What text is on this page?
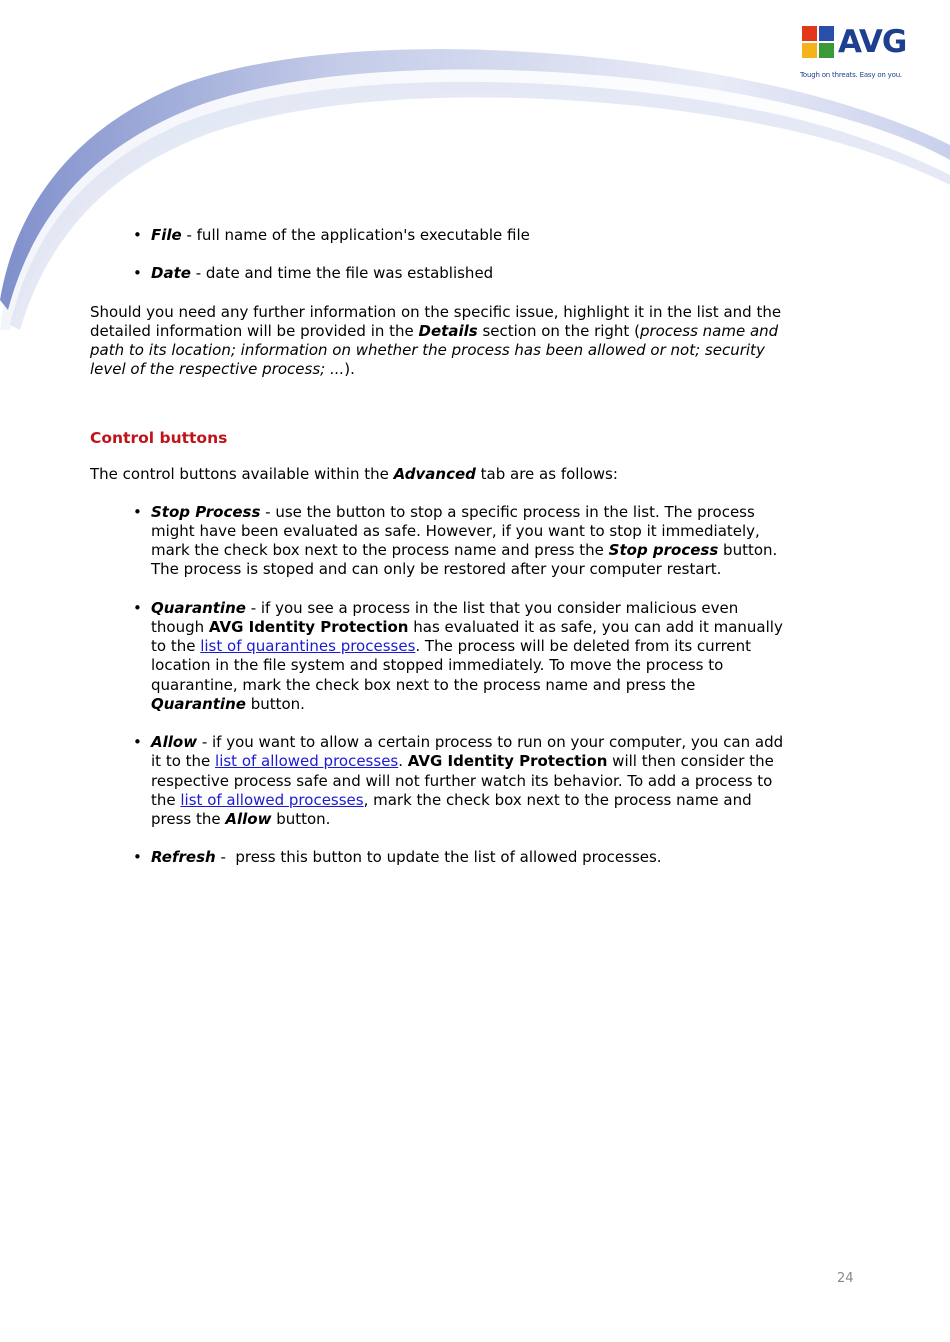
AVG
Tough on threats. Easy on you.
• File - full name of the application's executable file
• Date - date and time the file was established

Should you need any further information on the specific issue, highlight it in the list and the detailed information will be provided in the Details section on the right (process name and path to its location; information on whether the process has been allowed or not; security level of the respective process; ...).

Control buttons

The control buttons available within the Advanced tab are as follows:

• Stop Process - use the button to stop a specific process in the list. The process might have been evaluated as safe. However, if you want to stop it immediately, mark the check box next to the process name and press the Stop process button. The process is stoped and can only be restored after your computer restart.
• Quarantine - if you see a process in the list that you consider malicious even though AVG Identity Protection has evaluated it as safe, you can add it manually to the list of quarantines processes. The process will be deleted from its current location in the file system and stopped immediately. To move the process to quarantine, mark the check box next to the process name and press the Quarantine button.
• Allow - if you want to allow a certain process to run on your computer, you can add it to the list of allowed processes. AVG Identity Protection will then consider the respective process safe and will not further watch its behavior. To add a process to the list of allowed processes, mark the check box next to the process name and press the Allow button.
• Refresh -  press this button to update the list of allowed processes.
24
